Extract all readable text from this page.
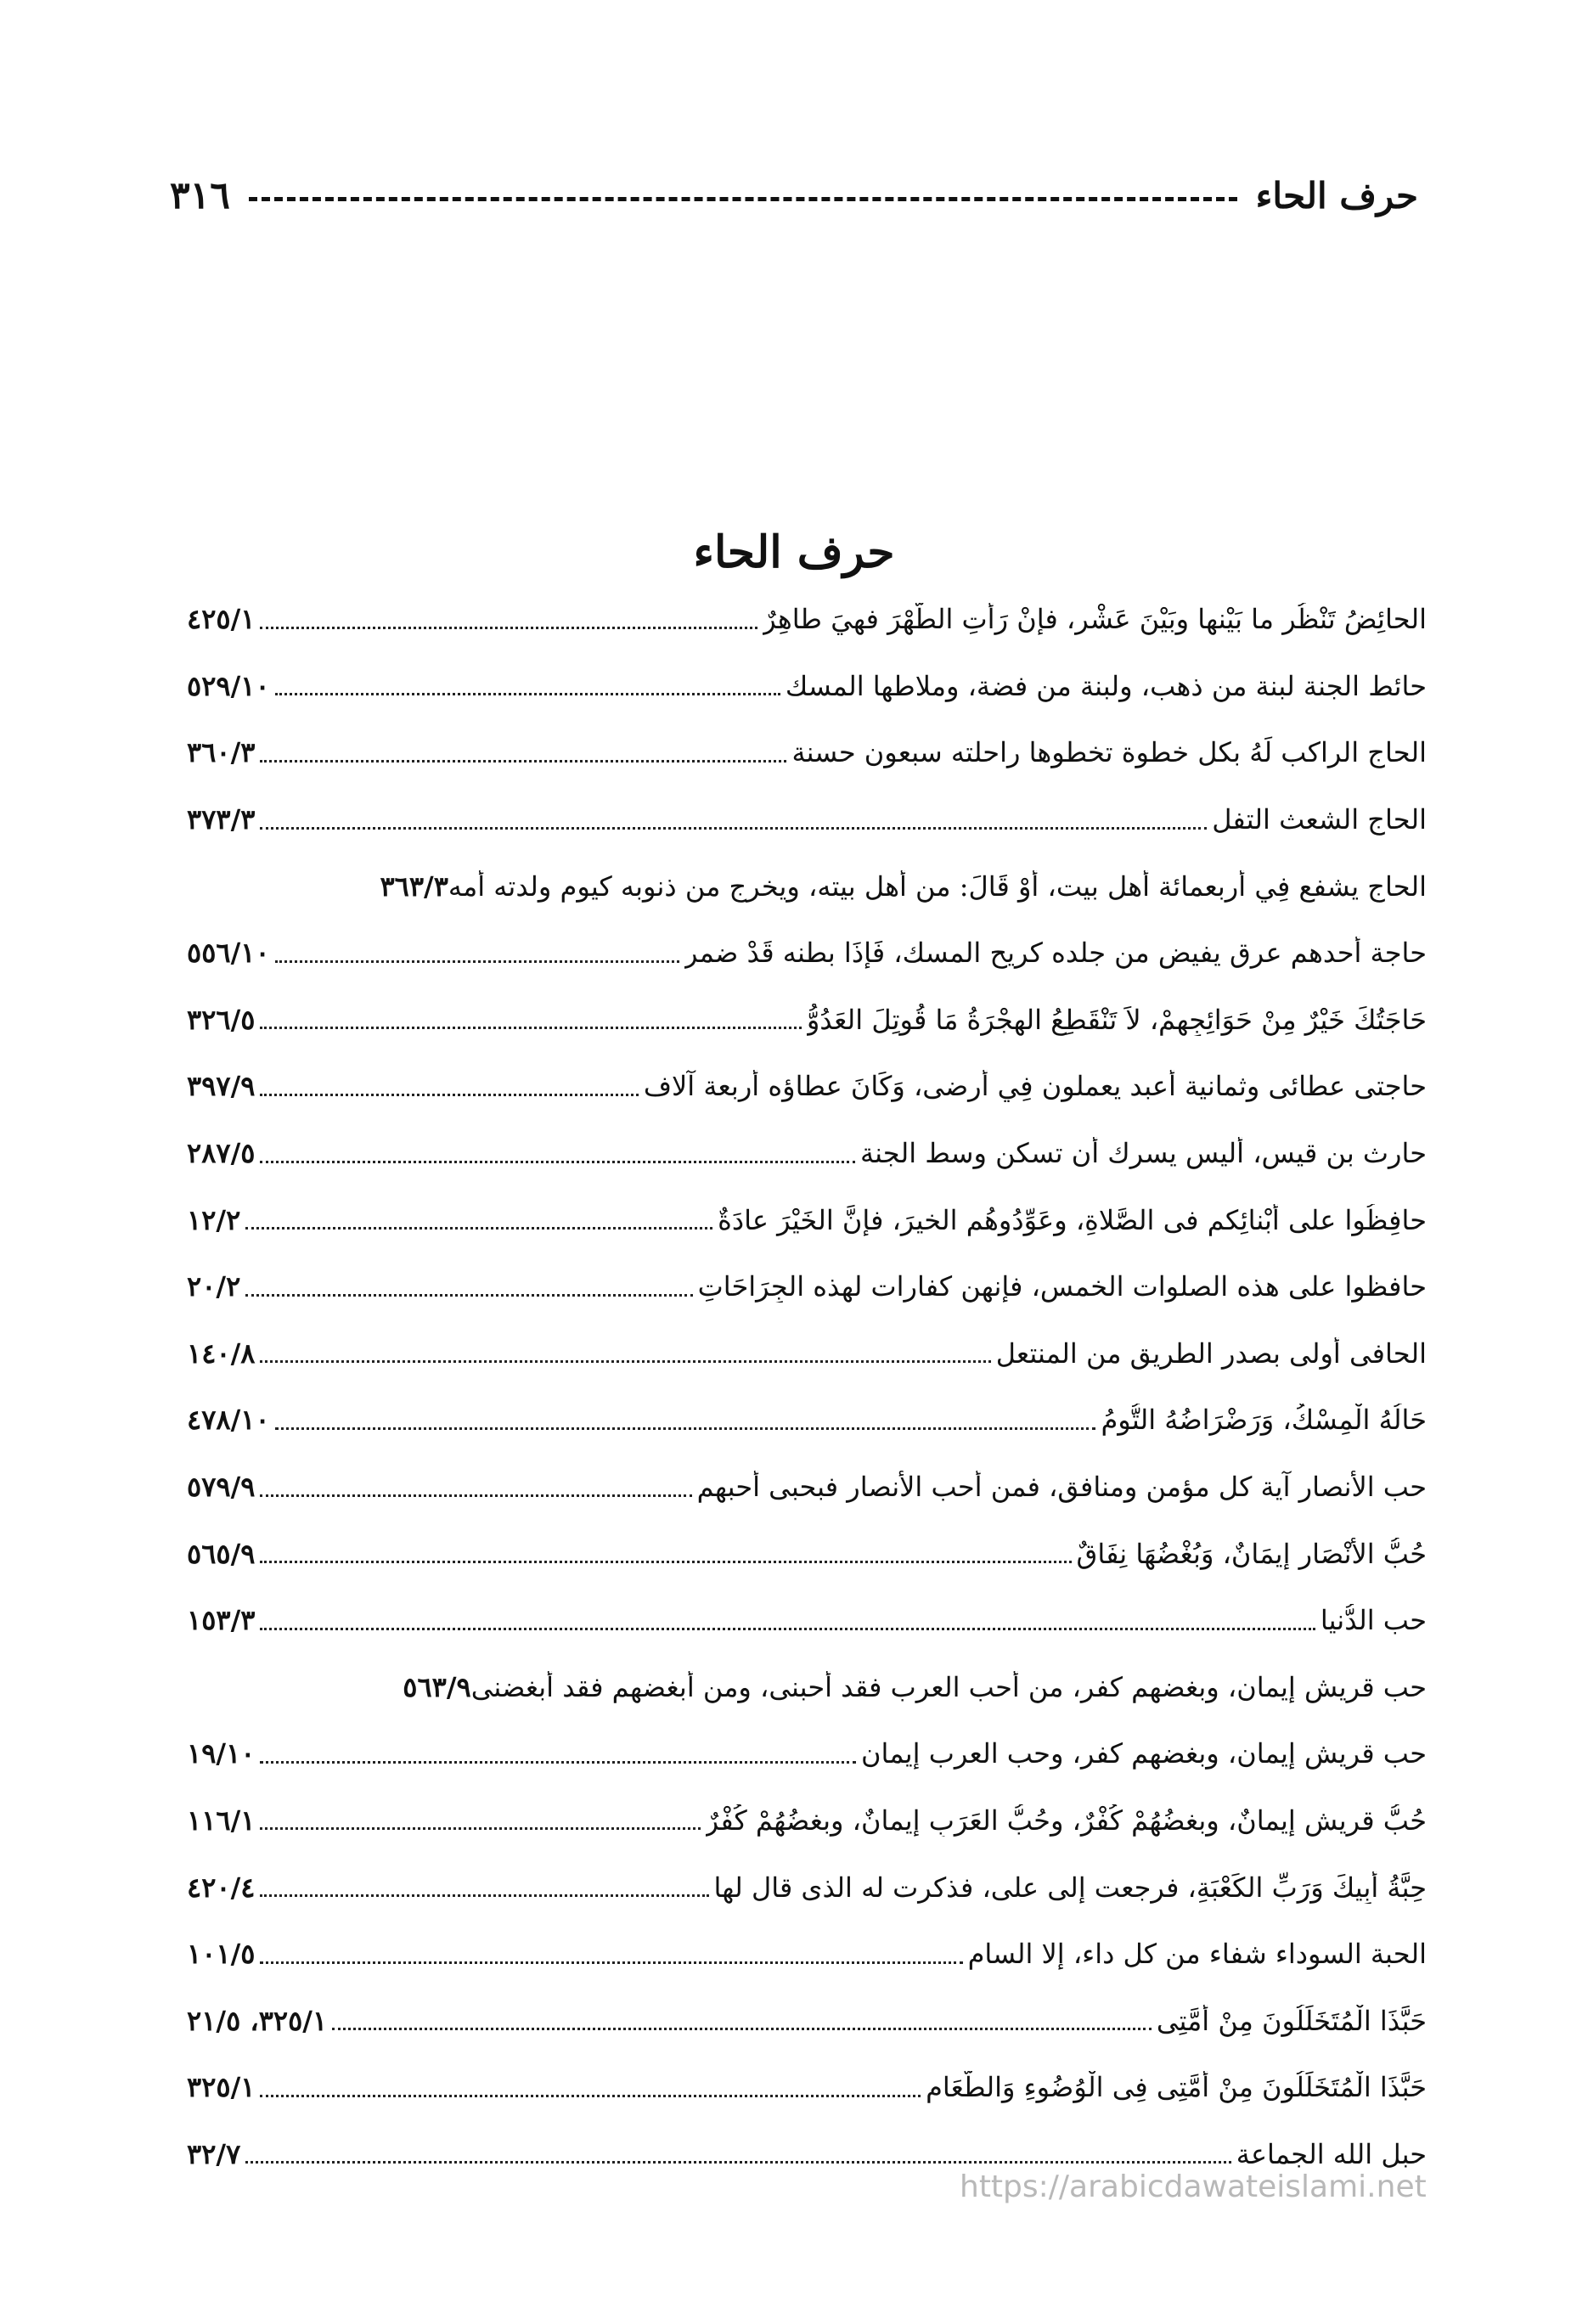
٣١٦	حرف الحاء
حرف الحاء
الحائِضُ تَنْظُر ما بَيْنها وبَيْنَ عَشْرٍ، فإنْ رَأتِ الطُّهْرَ فهِيَ طاهِرٌ
٤٢٥/١
حائط الجنة لبنة من ذهب، ولبنة من فضة، وملاطها المسك
٥٢٩/١٠
الحاج الراكب لَهُ بكل خطوة تخطوها راحلته سبعون حسنة
٣٦٠/٣
الحاج الشعث التفل
٣٧٣/٣
الحاج يشفع فِي أربعمائة أهل بيت، أوْ قَالَ: من أهل بيته، ويخرج من ذنوبه كيوم ولدته أمه
٣٦٣/٣
حاجة أحدهم عرق يفيض من جلده كريح المسك، فَإذَا بطنه قَدْ ضمر
٥٥٦/١٠
حَاجَتُكَ خَيْرٌ مِنْ حَوَائِجِهِمْ، لاَ تَنْقَطِعُ الهِجْرَةُ مَا قُوتِلَ العَدُوُّ
٣٢٦/٥
حاجتى عطائى وثمانية أعبد يعملون فِي أرضى، وَكَانَ عطاؤه أربعة آلاف
٣٩٧/٩
حارث بن قيس، أليس يسرك أن تسكن وسط الجنة
٢٨٧/٥
حافِظُوا على أَبْنائِكم فى الصَّلاةِ، وعَوِّدُوهُم الخيرَ، فإنَّ الخَيْرَ عادَةٌ
١٢/٢
حافظوا على هذه الصلوات الخمس، فإنهن كفارات لهذه الجِرَاحَاتِ
٢٠/٢
الحافى أولى بصدر الطريق من المنتعل
١٤٠/٨
حَالُهُ الْمِسْكُ، وَرَضْرَاضُهُ التُّومُ
٤٧٨/١٠
حب الأنصار آية كل مؤمن ومنافق، فمن أحب الأنصار فبحبى أحبهم
٥٧٩/٩
حُبُّ الأَنْصَارِ إِيمَانٌ، وَبُغْضُهَا نِفَاقٌ
٥٦٥/٩
حب الدُّنيا
١٥٣/٣
حب قريش إيمان، وبغضهم كفر، من أحب العرب فقد أحبنى، ومن أبغضهم فقد أبغضنى
٥٦٣/٩
حب قريش إيمان، وبغضهم كفر، وحب العرب إيمان
١٩/١٠
حُبُّ قريشٍ إيمانٌ، وبغضُهُمْ كُفْرٌ، وحُبُّ العَرَبِ إيمانٌ، وبغضُهُمْ كُفْرٌ
١١٦/١
حِبَّةُ أَبِيكَ وَرَبِّ الكَعْبَةِ، فرجعت إلى على، فذكرت له الذى قال لها
٤٢٠/٤
الحبة السوداء شفاء من كل داء، إلا السام
١٠١/٥
حَبَّذَا الْمُتَخَلِّلُونَ مِنْ أُمَّتِى
٣٢٥/١، ٢١/٥
حَبَّذَا الْمُتَخَلِّلُونَ مِنْ أُمَّتِى فِى الْوُضُوءِ وَالطَّعَامِ
٣٢٥/١
حبل الله الجماعة
٣٢/٧
https://arabicdawateislami.net
